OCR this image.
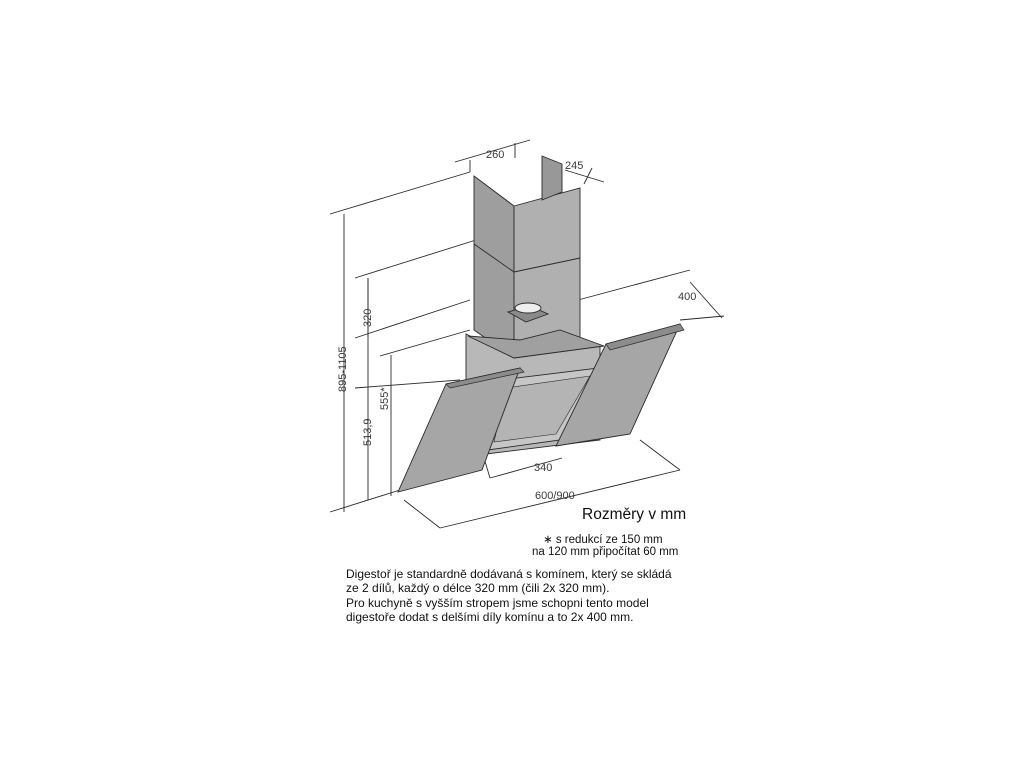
260
245
400
340
600/900
895-1105
320
555*
513,9
Rozměry v mm
∗ s redukcí ze 150 mm
na 120 mm připočítat 60 mm
Digestoř je standardně dodávaná s komínem, který se skládá
ze 2 dílů, každý o délce 320 mm (čili 2x 320 mm).
Pro kuchyně s vyšším stropem jsme schopni tento model
digestoře dodat s delšími díly komínu a to 2x 400 mm.
